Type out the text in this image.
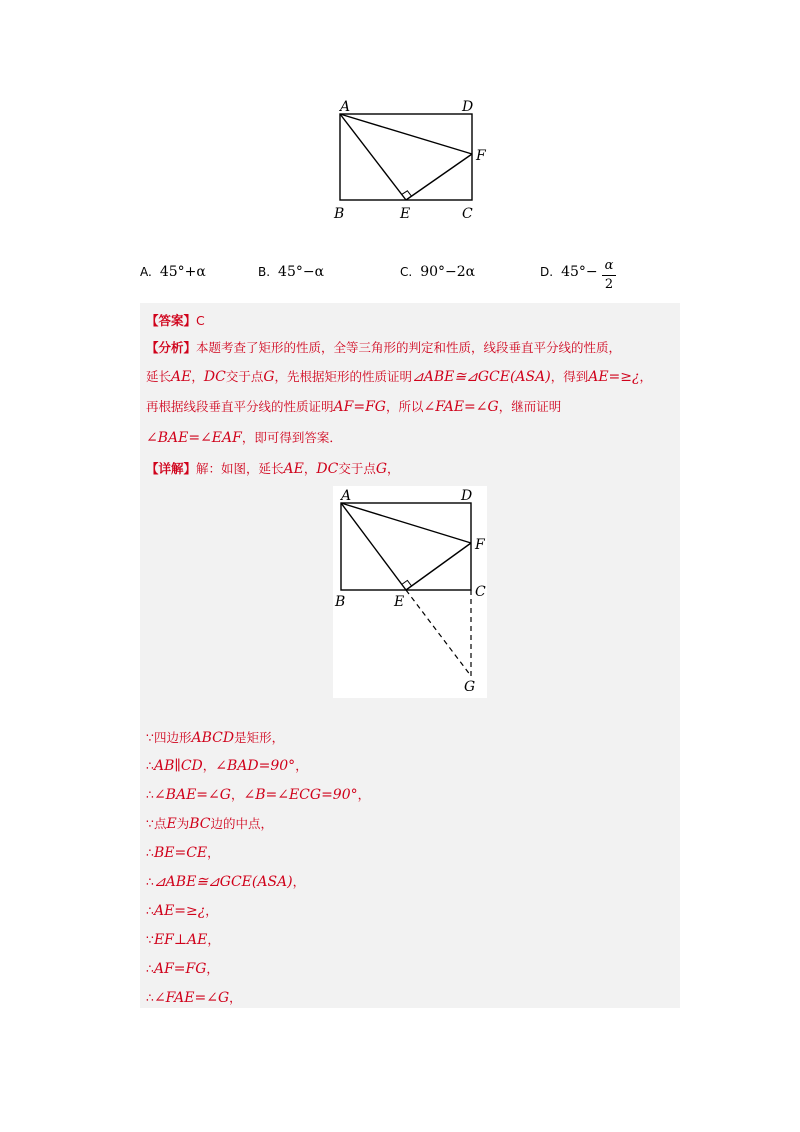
A	D
F
B	E	C
A. 45°+α	B. 45°−α	C. 90°−2α	D. 45°− α
2
【答案】C
【分析】本题考查了矩形的性质，全等三角形的判定和性质，线段垂直平分线的性质，
延长AE，DC交于点G，先根据矩形的性质证明⊿ABE≅⊿GCE(ASA)，得到AE=≥¿，
再根据线段垂直平分线的性质证明AF=FG，所以∠FAE=∠G，继而证明
∠BAE=∠EAF，即可得到答案．
【详解】解：如图，延长AE，DC交于点G，
A	D
F
B	E
C
G
∵四边形ABCD是矩形，
∴AB∥CD，∠BAD=90°，
∴∠BAE=∠G，∠B=∠ECG=90°，
∵点E为BC边的中点，
∴BE=CE，
∴⊿ABE≅⊿GCE(ASA)，
∴AE=≥¿，
∵EF⊥AE，
∴AF=FG，
∴∠FAE=∠G，
